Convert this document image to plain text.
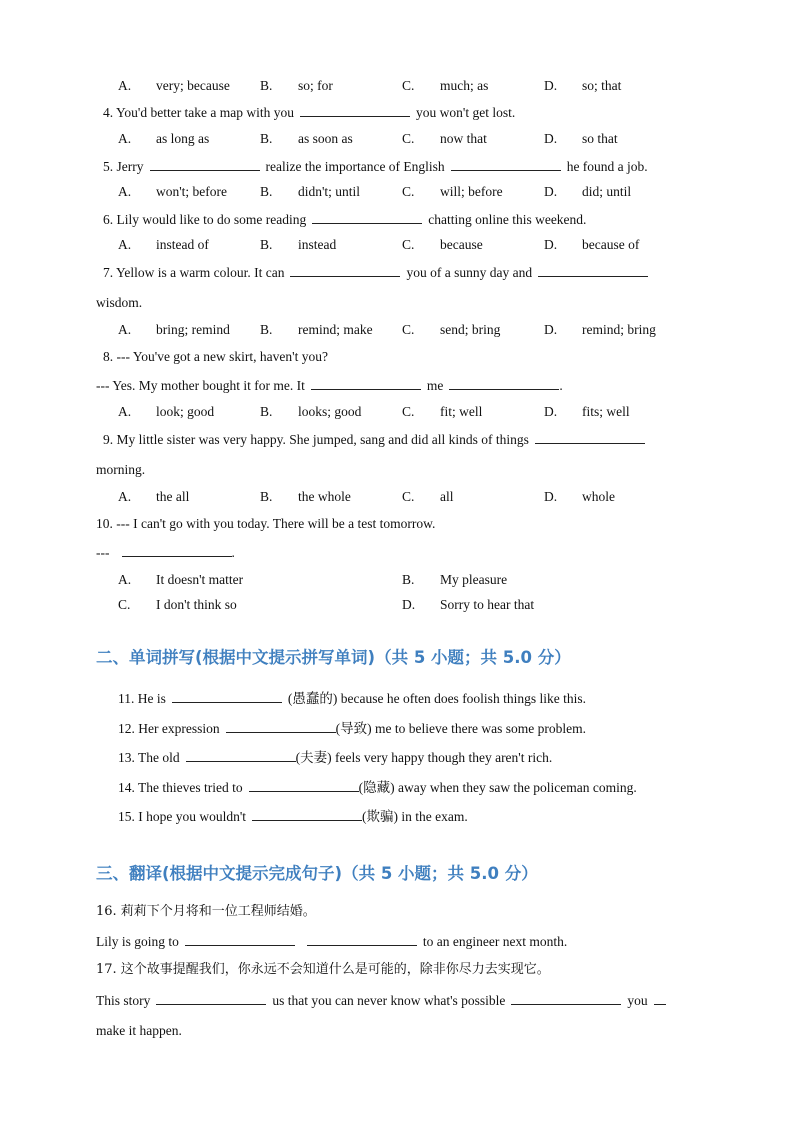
A. very; because B. so; for	C. much; as	D. so; that
4. You'd better take a map with you	you won't get lost.
A. as long as	B. as soon as	C. now that	D. so that
5. Jerry	realize the importance of English	he found a job.
A. won't; before B. didn't; until	C. will; before	D. did; until
6. Lily would like to do some reading	chatting online this weekend.
A. instead of	B. instead	C. because	D. because of
7. Yellow is a warm colour. It can	you of a sunny day and
wisdom.
A. bring; remind B. remind; make C. send; bring	D. remind; bring
8. --- You've got a new skirt, haven't you?
--- Yes. My mother bought it for me. It	me	.
A. look; good	B. looks; good	C. fit; well	D. fits; well
9. My little sister was very happy. She jumped, sang and did all kinds of things
morning.
A. the all	B. the whole	C. all	D. whole
10. --- I can't go with you today. There will be a test tomorrow.
---	.
A. It doesn't matter	B. My pleasure
C. I don't think so	D. Sorry to hear that
二、单词拼写(根据中文提示拼写单词)（共 5 小题；共 5.0 分）
11. He is	(愚蠢的) because he often does foolish things like this.
12. Her expression	(导致) me to believe there was some problem.
13. The old	(夫妻) feels very happy though they aren't rich.
14. The thieves tried to	(隐藏) away when they saw the policeman coming.
15. I hope you wouldn't	(欺骗) in the exam.
三、翻译(根据中文提示完成句子)（共 5 小题；共 5.0 分）
16. 莉莉下个月将和一位工程师结婚。
Lily is going to	to an engineer next month.
17. 这个故事提醒我们，你永远不会知道什么是可能的，除非你尽力去实现它。
This story	us that you can never know what's possible	you
make it happen.
